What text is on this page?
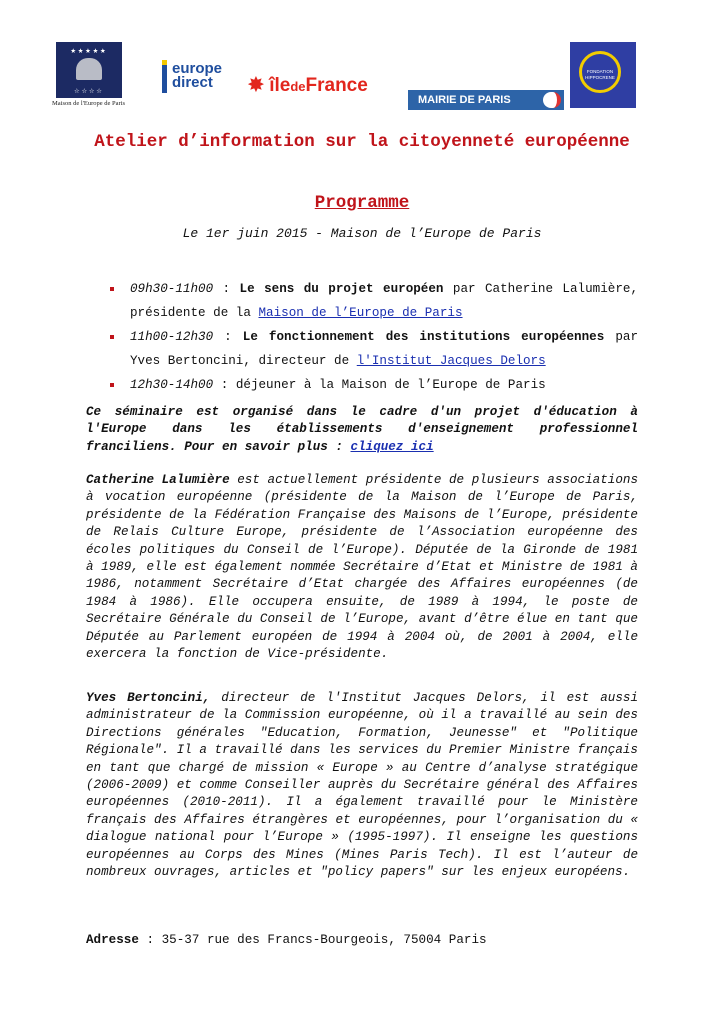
★★★★★
☆☆☆☆
Maison de l'Europe de Paris
europe
direct	✸ îledeFrance
MAIRIE DE PARIS
FONDATION
HIPPOCRENE
Atelier d’information sur la citoyenneté européenne
Programme
Le 1er juin 2015 - Maison de l’Europe de Paris
09h30-11h00 : Le sens du projet européen par Catherine Lalumière, présidente de la Maison de l’Europe de Paris
11h00-12h30 : Le fonctionnement des institutions européennes par Yves Bertoncini, directeur de l'Institut Jacques Delors
12h30-14h00 : déjeuner à la Maison de l’Europe de Paris
Ce séminaire est organisé dans le cadre d'un projet d'éducation à l'Europe dans les établissements d'enseignement professionnel franciliens. Pour en savoir plus : cliquez ici
Catherine Lalumière est actuellement présidente de plusieurs associations à vocation européenne (présidente de la Maison de l’Europe de Paris, présidente de la Fédération Française des Maisons de l’Europe, présidente de Relais Culture Europe, présidente de l’Association européenne des écoles politiques du Conseil de l’Europe). Députée de la Gironde de 1981 à 1989, elle est également nommée Secrétaire d’Etat et Ministre de 1981 à 1986, notamment Secrétaire d’Etat chargée des Affaires européennes (de 1984 à 1986). Elle occupera ensuite, de 1989 à 1994, le poste de Secrétaire Générale du Conseil de l’Europe, avant d’être élue en tant que Députée au Parlement européen de 1994 à 2004 où, de 2001 à 2004, elle exercera la fonction de Vice-présidente.
Yves Bertoncini, directeur de l'Institut Jacques Delors, il est aussi administrateur de la Commission européenne, où il a travaillé au sein des Directions générales "Education, Formation, Jeunesse" et "Politique Régionale". Il a travaillé dans les services du Premier Ministre français en tant que chargé de mission « Europe » au Centre d’analyse stratégique (2006-2009) et comme Conseiller auprès du Secrétaire général des Affaires européennes (2010-2011). Il a également travaillé pour le Ministère français des Affaires étrangères et européennes, pour l’organisation du « dialogue national pour l’Europe » (1995-1997). Il enseigne les questions européennes au Corps des Mines (Mines Paris Tech). Il est l’auteur de nombreux ouvrages, articles et "policy papers" sur les enjeux européens.
Adresse : 35-37 rue des Francs-Bourgeois, 75004 Paris
